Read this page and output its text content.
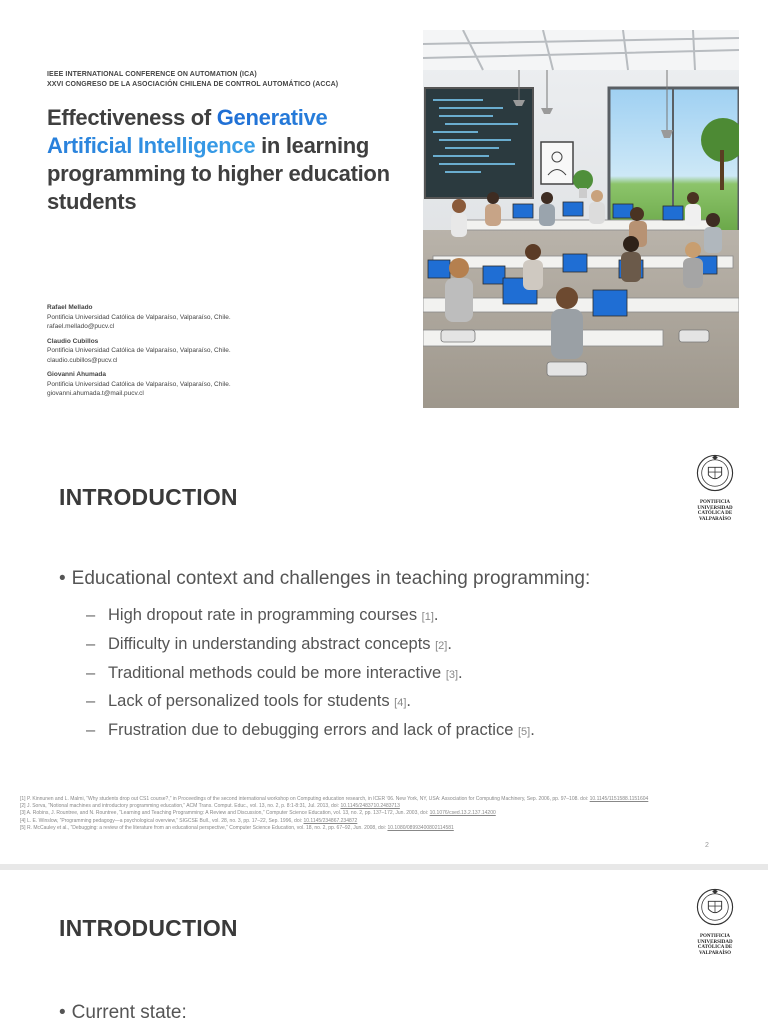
IEEE INTERNATIONAL CONFERENCE ON AUTOMATION (ICA)
XXVI CONGRESO DE LA ASOCIACIÓN CHILENA DE CONTROL AUTOMÁTICO (ACCA)
Effectiveness of Generative Artificial Intelligence in learning programming to higher education students
Rafael Mellado
Pontificia Universidad Católica de Valparaíso, Valparaíso, Chile.
rafael.mellado@pucv.cl
Claudio Cubillos
Pontificia Universidad Católica de Valparaíso, Valparaíso, Chile.
claudio.cubillos@pucv.cl
Giovanni Ahumada
Pontificia Universidad Católica de Valparaíso, Valparaíso, Chile.
giovanni.ahumada.t@mail.pucv.cl
INTRODUCTION	PONTIFICIA
UNIVERSIDAD
CATÓLICA DE
VALPARAÍSO
• Educational context and challenges in teaching programming:
– High dropout rate in programming courses [1].
– Difficulty in understanding abstract concepts [2].
– Traditional methods could be more interactive [3].
– Lack of personalized tools for students [4].
– Frustration due to debugging errors and lack of practice [5].
[1] P. Kinnunen and L. Malmi, “Why students drop out CS1 course?,” in Proceedings of the second international workshop on Computing education research, in ICER '06. New York, NY, USA: Association for Computing Machinery, Sep. 2006, pp. 97–108. doi: 10.1145/1151588.1151604
[2] J. Sorva, “Notional machines and introductory programming education,” ACM Trans. Comput. Educ., vol. 13, no. 2, p. 8:1-8:31, Jul. 2013, doi: 10.1145/2483710.2483713
[3] A. Robins, J. Rountree, and N. Rountree, “Learning and Teaching Programming: A Review and Discussion,” Computer Science Education, vol. 13, no. 2, pp. 137–172, Jun. 2003, doi: 10.1076/csed.13.2.137.14200
[4] L. E. Winslow, “Programming pedagogy—a psychological overview,” SIGCSE Bull., vol. 28, no. 3, pp. 17–22, Sep. 1996, doi: 10.1145/234867.234872
[5] R. McCauley et al., “Debugging: a review of the literature from an educational perspective,” Computer Science Education, vol. 18, no. 2, pp. 67–92, Jun. 2008, doi: 10.1080/08993400802114581
2
INTRODUCTION	PONTIFICIA
UNIVERSIDAD
CATÓLICA DE
VALPARAÍSO
• Current state:
